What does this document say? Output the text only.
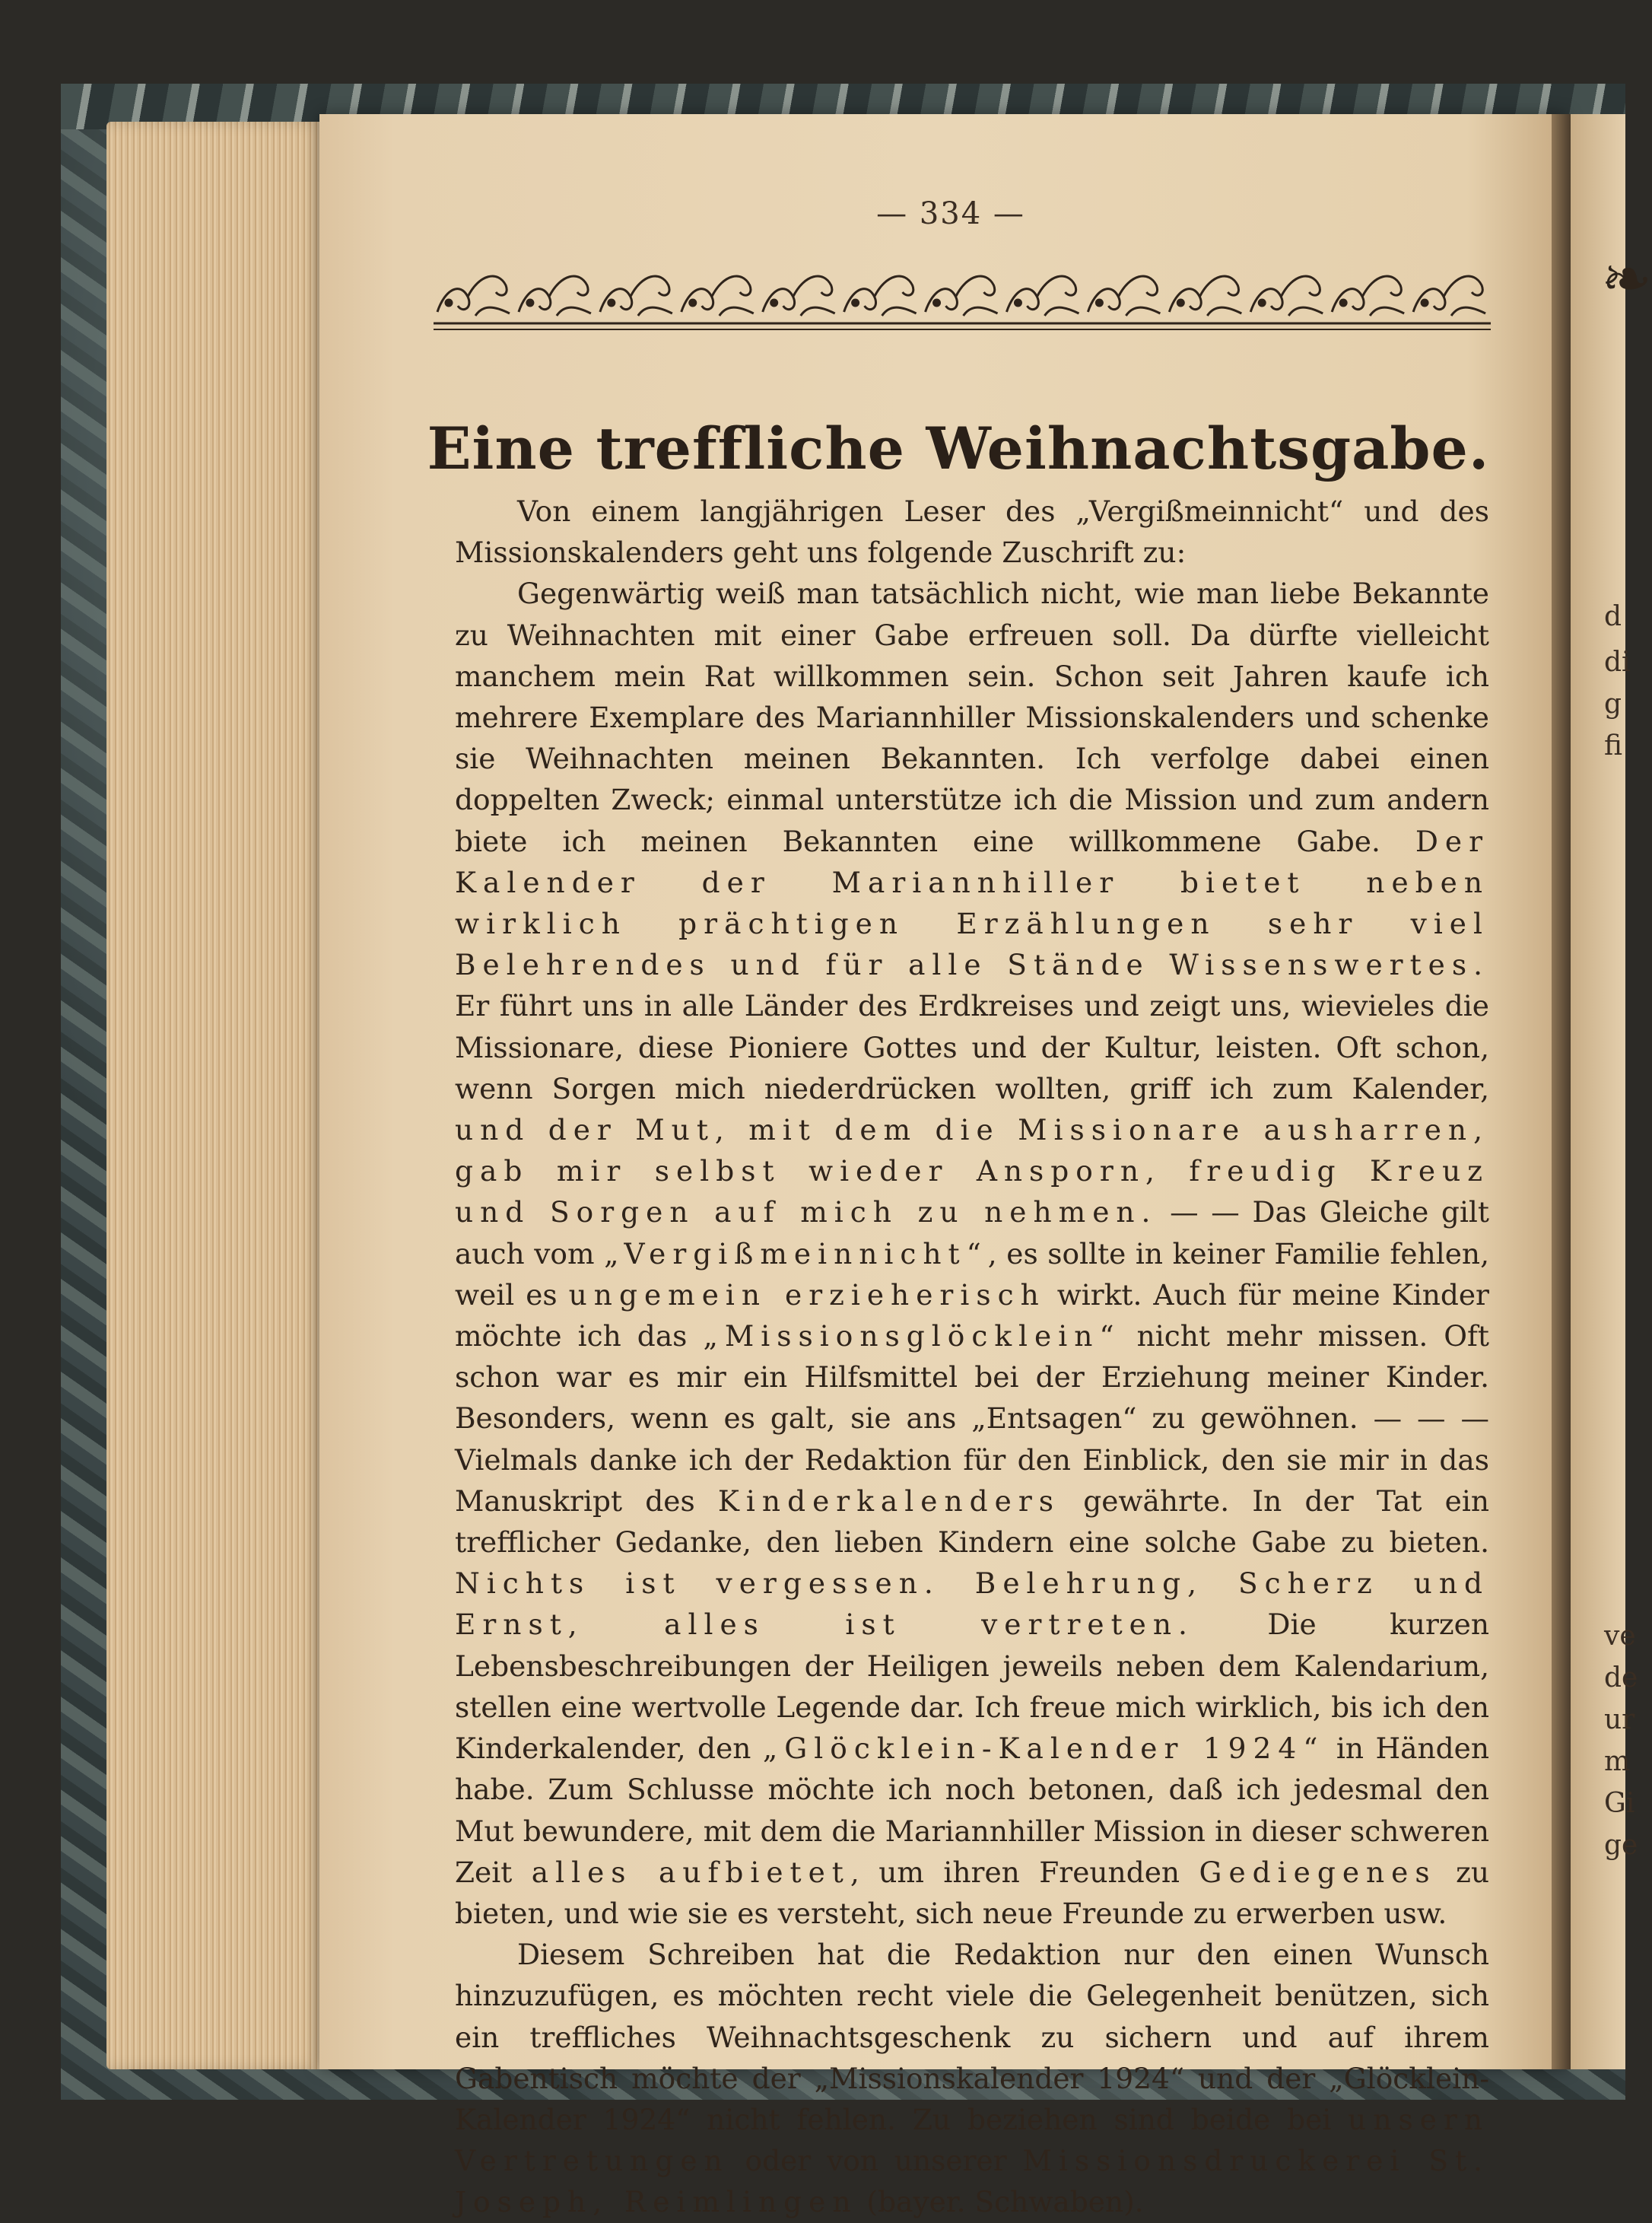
❧
d
di
g
fi
ve
de
ur
m
Gi
ge
— 334 —
Eine treffliche Weihnachtsgabe.

Von einem langjährigen Leser des „Vergißmeinnicht“ und des Missionskalenders geht uns folgende Zuschrift zu:

Gegenwärtig weiß man tatsächlich nicht, wie man liebe Bekannte zu Weihnachten mit einer Gabe erfreuen soll. Da dürfte vielleicht manchem mein Rat willkommen sein. Schon seit Jahren kaufe ich mehrere Exemplare des Mariannhiller Missionskalenders und schenke sie Weihnachten meinen Bekannten. Ich verfolge dabei einen doppelten Zweck; einmal unterstütze ich die Mission und zum andern biete ich meinen Bekannten eine willkommene Gabe. Der Kalender der Mariannhiller bietet neben wirklich prächtigen Erzählungen sehr viel Belehrendes und für alle Stände Wissenswertes. Er führt uns in alle Länder des Erdkreises und zeigt uns, wievieles die Missionare, diese Pioniere Gottes und der Kultur, leisten. Oft schon, wenn Sorgen mich niederdrücken wollten, griff ich zum Kalender, und der Mut, mit dem die Missionare ausharren, gab mir selbst wieder Ansporn, freudig Kreuz und Sorgen auf mich zu nehmen. — — Das Gleiche gilt auch vom „Vergißmeinnicht“, es sollte in keiner Familie fehlen, weil es ungemein erzieherisch wirkt. Auch für meine Kinder möchte ich das „Missionsglöcklein“ nicht mehr missen. Oft schon war es mir ein Hilfsmittel bei der Erziehung meiner Kinder. Besonders, wenn es galt, sie ans „Entsagen“ zu gewöhnen. — — — Vielmals danke ich der Redaktion für den Einblick, den sie mir in das Manuskript des Kinderkalenders gewährte. In der Tat ein trefflicher Gedanke, den lieben Kindern eine solche Gabe zu bieten. Nichts ist vergessen. Belehrung, Scherz und Ernst, alles ist vertreten. Die kurzen Lebensbeschreibungen der Heiligen jeweils neben dem Kalendarium, stellen eine wertvolle Legende dar. Ich freue mich wirklich, bis ich den Kinderkalender, den „Glöcklein-Kalender 1924“ in Händen habe. Zum Schlusse möchte ich noch betonen, daß ich jedesmal den Mut bewundere, mit dem die Mariannhiller Mission in dieser schweren Zeit alles aufbietet, um ihren Freunden Gediegenes zu bieten, und wie sie es versteht, sich neue Freunde zu erwerben usw.

Diesem Schreiben hat die Redaktion nur den einen Wunsch hinzuzufügen, es möchten recht viele die Gelegenheit benützen, sich ein treffliches Weihnachtsgeschenk zu sichern und auf ihrem Gabentisch möchte der „Missionskalender 1924“ und der „Glöcklein-Kalender 1924“ nicht fehlen. Zu beziehen sind beide bei unsern Vertretungen oder von unserer Missionsdruckerei St. Joseph, Reimlingen (bayer. Schwaben).
